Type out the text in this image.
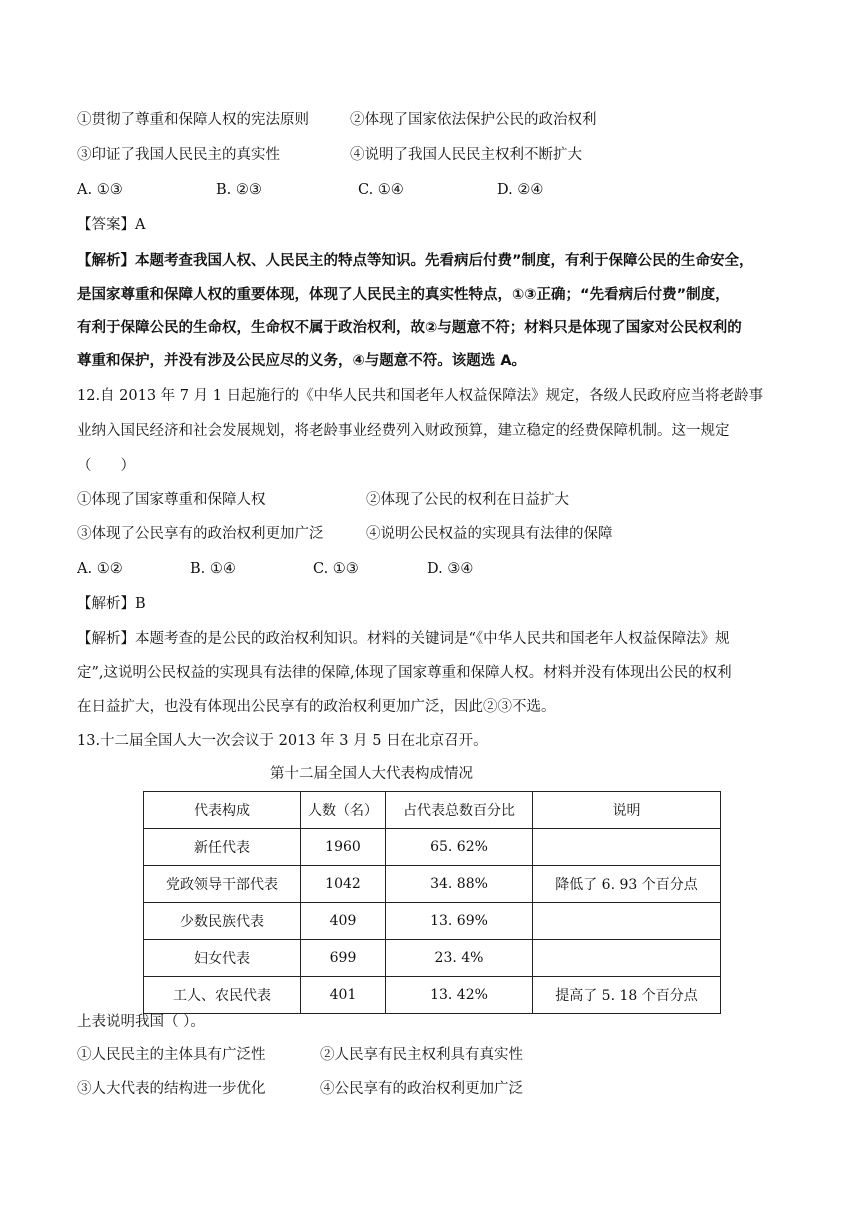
①贯彻了尊重和保障人权的宪法原则	②体现了国家依法保护公民的政治权利
③印证了我国人民民主的真实性	④说明了我国人民民主权利不断扩大
A. ①③	B. ②③	C. ①④	D. ②④
【答案】A
【解析】本题考查我国人权、人民民主的特点等知识。先看病后付费”制度，有利于保障公民的生命安全，
是国家尊重和保障人权的重要体现，体现了人民民主的真实性特点，①③正确；“先看病后付费”制度，
有利于保障公民的生命权，生命权不属于政治权利，故②与题意不符；材料只是体现了国家对公民权利的
尊重和保护，并没有涉及公民应尽的义务，④与题意不符。该题选 A。
12.自 2013 年 7 月 1 日起施行的《中华人民共和国老年人权益保障法》规定，各级人民政府应当将老龄事
业纳入国民经济和社会发展规划，将老龄事业经费列入财政预算，建立稳定的经费保障机制。这一规定
（　　）
①体现了国家尊重和保障人权	②体现了公民的权利在日益扩大
③体现了公民享有的政治权利更加广泛	④说明公民权益的实现具有法律的保障
A. ①②	B. ①④	C. ①③	D. ③④
【解析】B
【解析】本题考查的是公民的政治权利知识。材料的关键词是“《中华人民共和国老年人权益保障法》规
定”,这说明公民权益的实现具有法律的保障,体现了国家尊重和保障人权。材料并没有体现出公民的权利
在日益扩大，也没有体现出公民享有的政治权利更加广泛，因此②③不选。
13.十二届全国人大一次会议于 2013 年 3 月 5 日在北京召开。
第十二届全国人大代表构成情况
代表构成	人数（名）	占代表总数百分比	说明
新任代表	1960	65. 62%	
党政领导干部代表	1042	34. 88%	降低了 6. 93 个百分点
少数民族代表	409	13. 69%	
妇女代表	699	23. 4%	
工人、农民代表	401	13. 42%	提高了 5. 18 个百分点
上表说明我国（ ）。
①人民民主的主体具有广泛性	②人民享有民主权利具有真实性
③人大代表的结构进一步优化	④公民享有的政治权利更加广泛
